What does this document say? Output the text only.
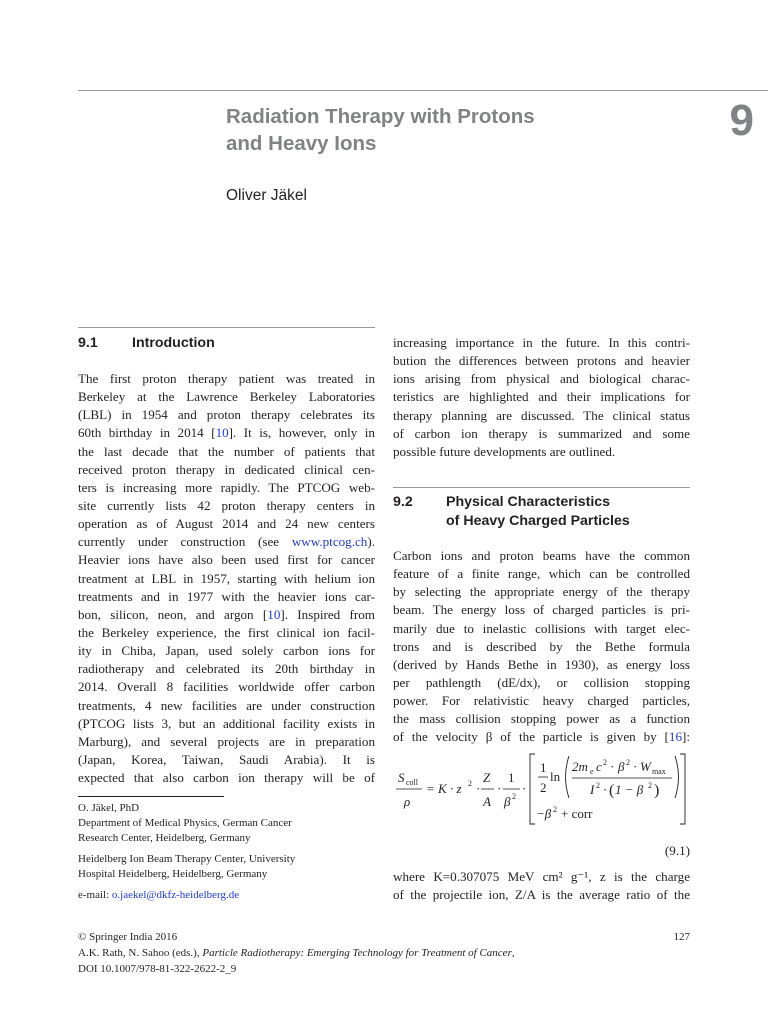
Radiation Therapy with Protons
and Heavy Ions	9
Oliver Jäkel
9.1 Introduction
The first proton therapy patient was treated in
Berkeley at the Lawrence Berkeley Laboratories
(LBL) in 1954 and proton therapy celebrates its
60th birthday in 2014 [10]. It is, however, only in
the last decade that the number of patients that
received proton therapy in dedicated clinical cen-
ters is increasing more rapidly. The PTCOG web-
site currently lists 42 proton therapy centers in
operation as of August 2014 and 24 new centers
currently under construction (see www.ptcog.ch).
Heavier ions have also been used first for cancer
treatment at LBL in 1957, starting with helium ion
treatments and in 1977 with the heavier ions car-
bon, silicon, neon, and argon [10]. Inspired from
the Berkeley experience, the first clinical ion facil-
ity in Chiba, Japan, used solely carbon ions for
radiotherapy and celebrated its 20th birthday in
2014. Overall 8 facilities worldwide offer carbon
treatments, 4 new facilities are under construction
(PTCOG lists 3, but an additional facility exists in
Marburg), and several projects are in preparation
(Japan, Korea, Taiwan, Saudi Arabia). It is
expected that also carbon ion therapy will be of
O. Jäkel, PhD
Department of Medical Physics, German Cancer
Research Center, Heidelberg, Germany
Heidelberg Ion Beam Therapy Center, University
Hospital Heidelberg, Heidelberg, Germany
e-mail: o.jaekel@dkfz-heidelberg.de
increasing importance in the future. In this contri-
bution the differences between protons and heavier
ions arising from physical and biological charac-
teristics are highlighted and their implications for
therapy planning are discussed. The clinical status
of carbon ion therapy is summarized and some
possible future developments are outlined.
9.2 Physical Characteristics
of Heavy Charged Particles
Carbon ions and proton beams have the common
feature of a finite range, which can be controlled
by selecting the appropriate energy of the therapy
beam. The energy loss of charged particles is pri-
marily due to inelastic collisions with target elec-
trons and is described by the Bethe formula
(derived by Hands Bethe in 1930), as energy loss
per pathlength (dE/dx), or collision stopping
power. For relativistic heavy charged particles,
the mass collision stopping power as a function
of the velocity β of the particle is given by [16]:
S coll
ρ
= K · z 2 ·
Z
A
·
1
β 2
·
1
2
ln
2m e c 2 · β 2 · W max
I 2 · ( 1 − β 2 )
−β 2 + corr
(9.1)
where K=0.307075 MeV cm² g⁻¹, z is the charge
of the projectile ion, Z/A is the average ratio of the
© Springer India 2016	127
A.K. Rath, N. Sahoo (eds.), Particle Radiotherapy: Emerging Technology for Treatment of Cancer,
DOI 10.1007/978-81-322-2622-2_9
